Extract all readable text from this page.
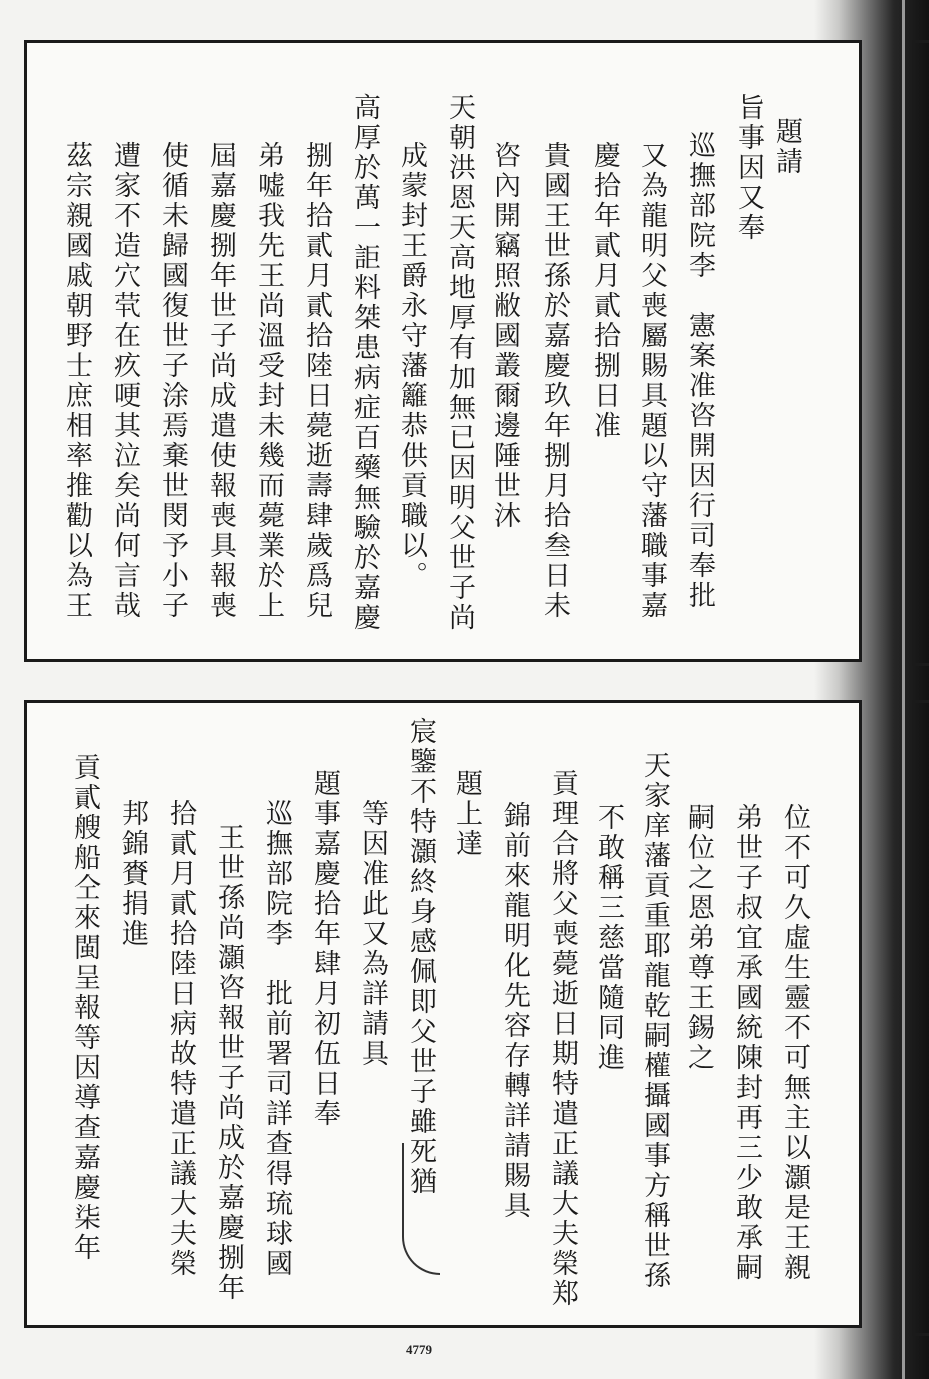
題請
旨事因又奉
巡撫部院李　憲案准咨開因行司奉批
又為龍明父喪屬賜具題以守藩職事嘉
慶拾年貳月貳拾捌日准
貴國王世孫於嘉慶玖年捌月拾叁日未
咨內開竊照敝國叢爾邊陲世沐
天朝洪恩天高地厚有加無已因明父世子尚
成蒙封王爵永守藩籬恭供貢職以。
高厚於萬一詎料桀患病症百藥無驗於嘉慶
捌年拾貳月貳拾陸日薨逝壽肆歲爲兒
弟嘘我先王尚溫受封未幾而薨業於上
屆嘉慶捌年世子尚成遣使報喪具報喪
使循未歸國復世子涂焉棄世閔予小子
遭家不造穴茕在疚哽其泣矣尚何言哉
茲宗親國戚朝野士庶相率推勸以為王
位不可久虛生靈不可無主以灝是王親
弟世子叔宜承國統陳封再三少敢承嗣
嗣位之恩弟尊王錫之
不敢稱三慈當隨同進 天家庠藩貢重耶龍乾嗣權攝國事方稱世孫
貢理合將父喪薨逝日期特遣正議大夫榮郑
錦前來龍明化先容存轉詳請賜具
題上達
宸鑒不特灝終身感佩即父世子雖死猶
等因准此又為詳請具
題事嘉慶拾年肆月初伍日奉
巡撫部院李　批前署司詳查得琉球國
王世孫尚灝咨報世子尚成於嘉慶捌年
拾貳月貳拾陸日病故特遣正議大夫榮
邦錦賚捐進
貢貳艘船仝來閩呈報等因導查嘉慶柒年
4779
